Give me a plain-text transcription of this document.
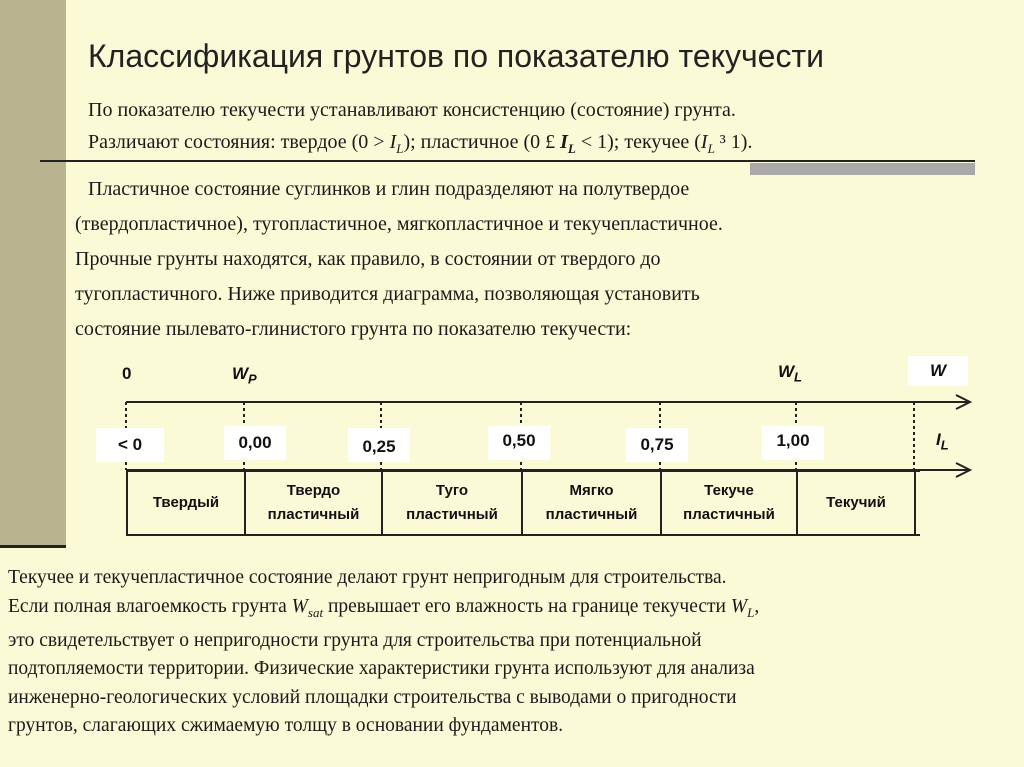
Классификация грунтов по показателю текучести
По показателю текучести устанавливают консистенцию (состояние) грунта.
Различают состояния: твердое $(0 > I_L)$; пластичное (0 £ $I_L < 1$); текучее ($I_L$ ³ 1).
Пластичное состояние суглинков и глин подразделяют на полутвердое
(твердопластичное), тугопластичное, мягкопластичное и текучепластичное.
Прочные грунты находятся, как правило, в состоянии от твердого до
тугопластичного. Ниже приводится диаграмма, позволяющая установить
состояние пылевато-глинистого грунта по показателю текучести:
0	$W_P$	$W_L$	W
< 0	0,00	0,25	0,50	0,75	1,00	$I_L$
Твердый
Твердо
пластичный
Туго
пластичный
Мягко
пластичный
Текуче
пластичный
Текучий
Текучее и текучепластичное состояние делают грунт непригодным для строительства.
Если полная влагоемкость грунта $W_{sat}$ превышает его влажность на границе текучести $W_L$,
это свидетельствует о непригодности грунта для строительства при потенциальной
подтопляемости территории. Физические характеристики грунта используют для анализа
инженерно-геологических условий площадки строительства с выводами о пригодности
грунтов, слагающих сжимаемую толщу в основании фундаментов.
